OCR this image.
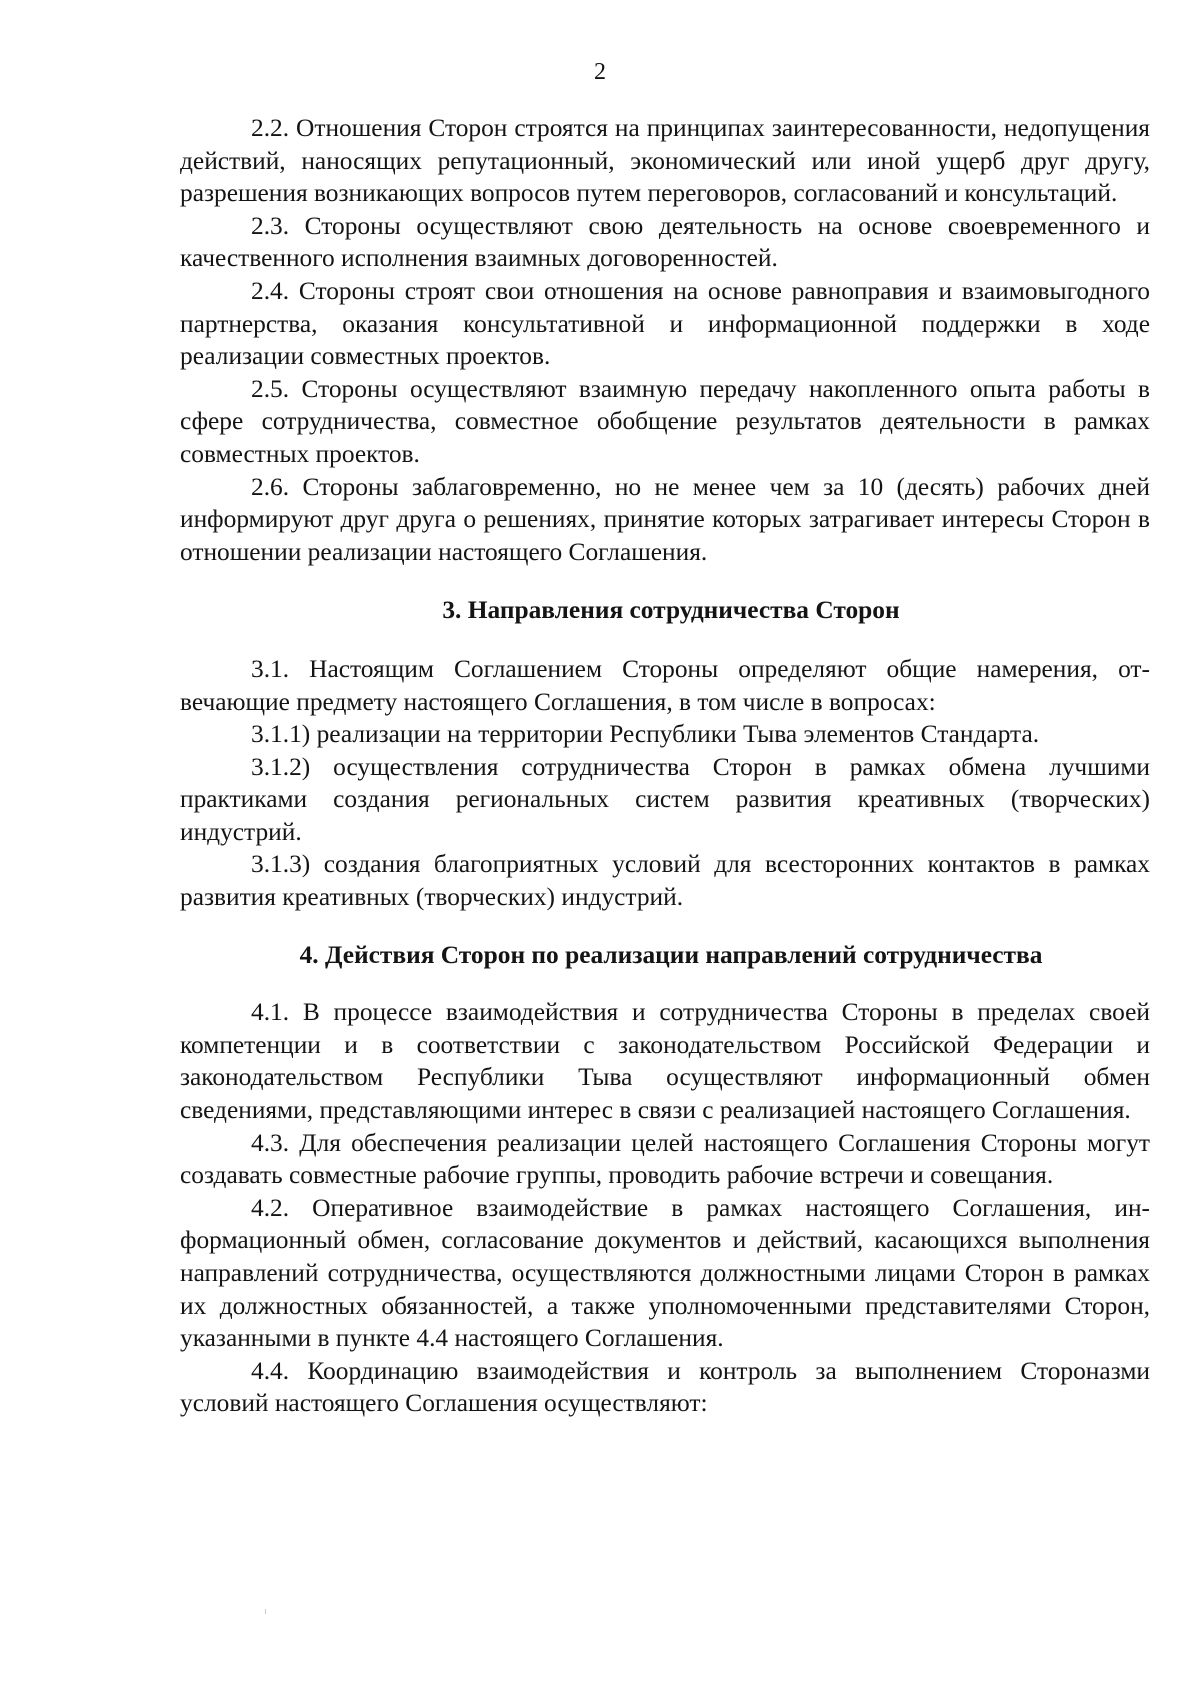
2

2.2. Отношения Сторон строятся на принципах заинтересованности, недопущения действий, наносящих репутационный, экономический или иной ущерб друг другу, разрешения возникающих вопросов путем переговоров, согласований и консультаций.

2.3. Стороны осуществляют свою деятельность на основе своевременного и качественного исполнения взаимных договоренностей.

2.4. Стороны строят свои отношения на основе равноправия и взаимовыгодного партнерства, оказания консультативной и информационной поддержки в ходе реализации совместных проектов.

2.5. Стороны осуществляют взаимную передачу накопленного опыта работы в сфере сотрудничества, совместное обобщение результатов деятельности в рамках совместных проектов.

2.6. Стороны заблаговременно, но не менее чем за 10 (десять) рабочих дней информируют друг друга о решениях, принятие которых затрагивает интересы Сторон в отношении реализации настоящего Соглашения.

3. Направления сотрудничества Сторон

3.1. Настоящим Соглашением Стороны определяют общие намерения, отвечающие предмету настоящего Соглашения, в том числе в вопросах:

3.1.1) реализации на территории Республики Тыва элементов Стандарта.

3.1.2) осуществления сотрудничества Сторон в рамках обмена лучшими практиками создания региональных систем развития креативных (творческих) индустрий.

3.1.3) создания благоприятных условий для всесторонних контактов в рамках развития креативных (творческих) индустрий.

4. Действия Сторон по реализации направлений сотрудничества

4.1. В процессе взаимодействия и сотрудничества Стороны в пределах своей компетенции и в соответствии с законодательством Российской Федерации и законодательством Республики Тыва осуществляют информационный обмен сведениями, представляющими интерес в связи с реализацией настоящего Соглашения.

4.3. Для обеспечения реализации целей настоящего Соглашения Стороны могут создавать совместные рабочие группы, проводить рабочие встречи и совещания.

4.2. Оперативное взаимодействие в рамках настоящего Соглашения, информационный обмен, согласование документов и действий, касающихся выполнения направлений сотрудничества, осуществляются должностными лицами Сторон в рамках их должностных обязанностей, а также уполномоченными представителями Сторон, указанными в пункте 4.4 настоящего Соглашения.

4.4. Координацию взаимодействия и контроль за выполнением Стороназми условий настоящего Соглашения осуществляют:
